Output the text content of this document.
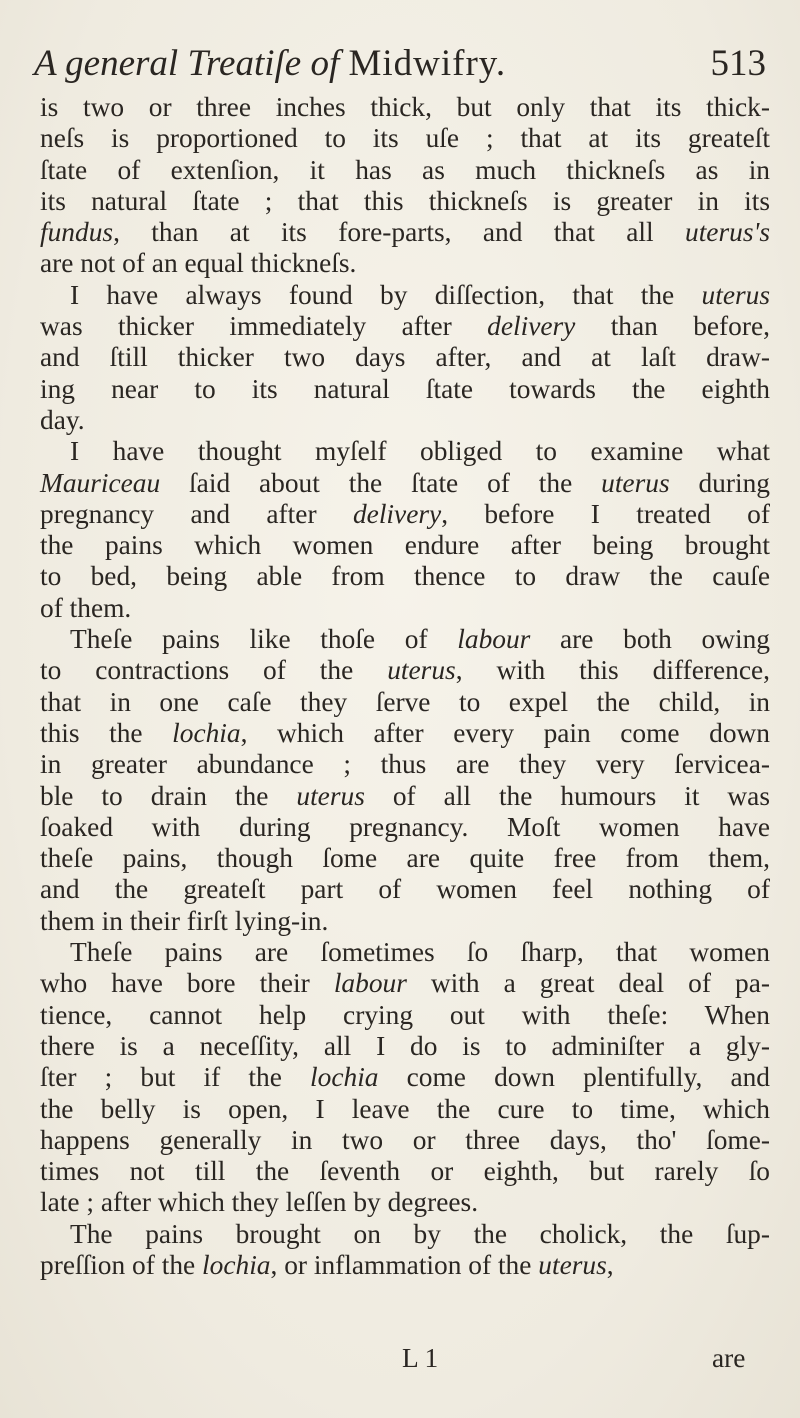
A general Treatiſe of Midwifry.	513
is two or three inches thick, but only that its thick-
neſs is proportioned to its uſe ; that at its greateſt
ſtate of extenſion, it has as much thickneſs as in
its natural ſtate ; that this thickneſs is greater in its
fundus, than at its fore-parts, and that all uterus's
are not of an equal thickneſs.
I have always found by diſſection, that the uterus
was thicker immediately after delivery than before,
and ſtill thicker two days after, and at laſt draw-
ing near to its natural ſtate towards the eighth
day.
I have thought myſelf obliged to examine what
Mauriceau ſaid about the ſtate of the uterus during
pregnancy and after delivery, before I treated of
the pains which women endure after being brought
to bed, being able from thence to draw the cauſe
of them.
Theſe pains like thoſe of labour are both owing
to contractions of the uterus, with this difference,
that in one caſe they ſerve to expel the child, in
this the lochia, which after every pain come down
in greater abundance ; thus are they very ſervicea-
ble to drain the uterus of all the humours it was
ſoaked with during pregnancy. Moſt women have
theſe pains, though ſome are quite free from them,
and the greateſt part of women feel nothing of
them in their firſt lying-in.
Theſe pains are ſometimes ſo ſharp, that women
who have bore their labour with a great deal of pa-
tience, cannot help crying out with theſe: When
there is a neceſſity, all I do is to adminiſter a gly-
ſter ; but if the lochia come down plentifully, and
the belly is open, I leave the cure to time, which
happens generally in two or three days, tho' ſome-
times not till the ſeventh or eighth, but rarely ſo
late ; after which they leſſen by degrees.
The pains brought on by the cholick, the ſup-
preſſion of the lochia, or inflammation of the uterus,
L 1	are
